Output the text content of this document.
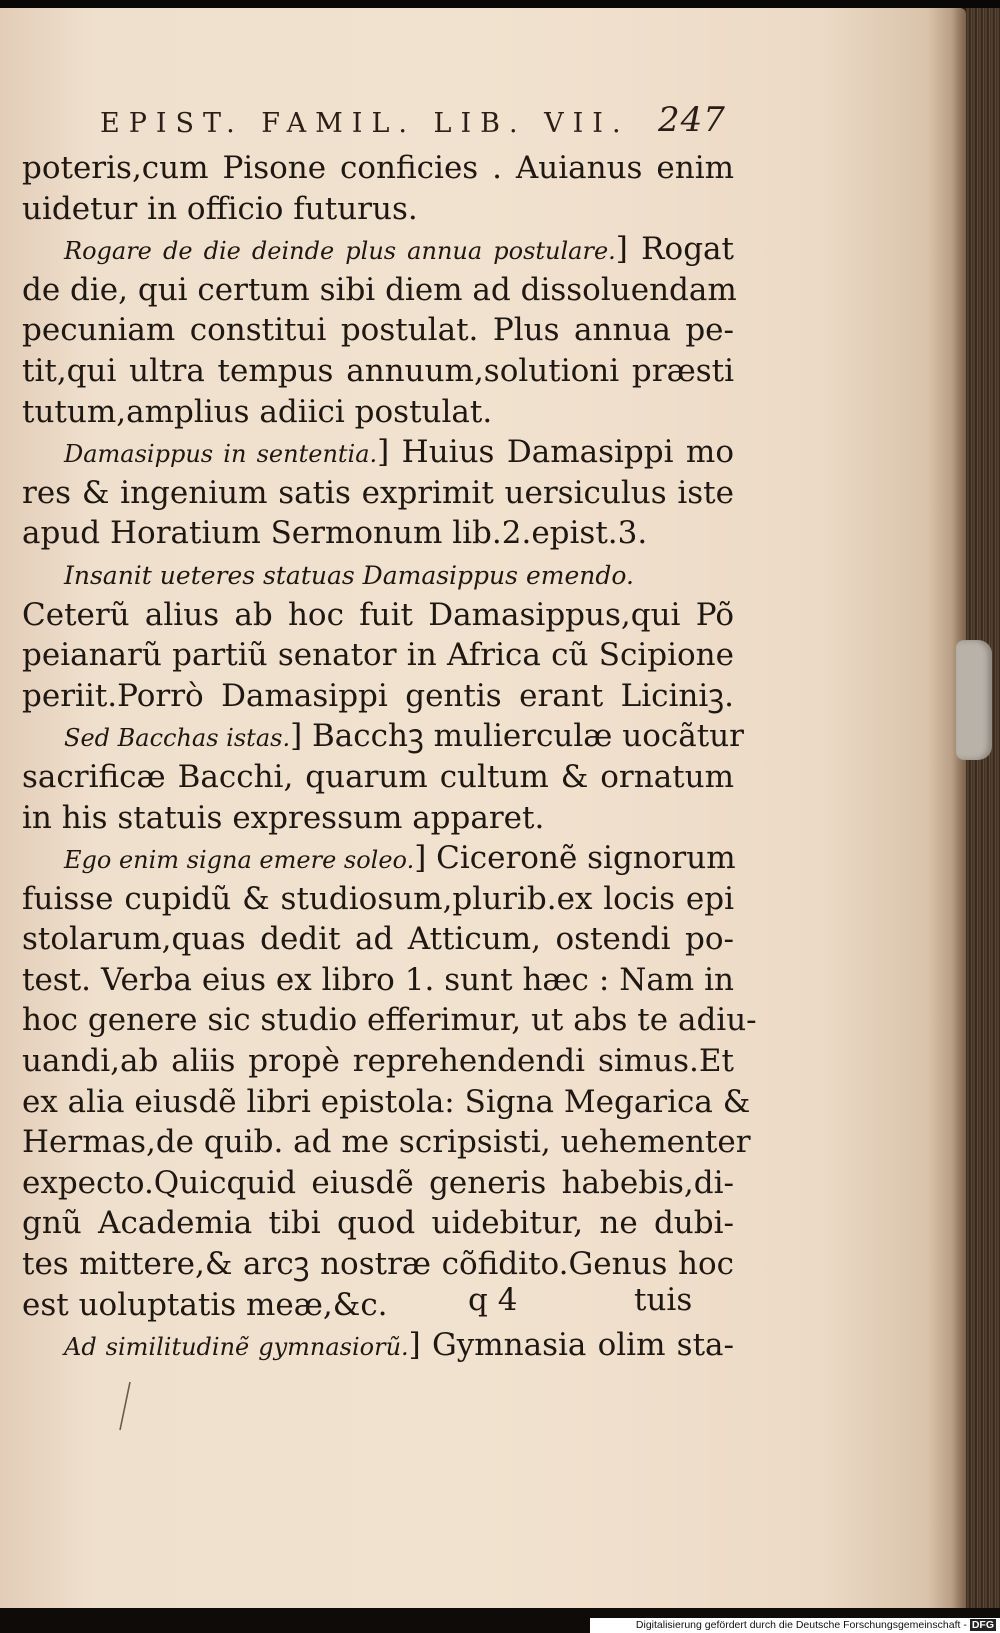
EPIST. FAMIL. LIB. VII. 247
poteris,cum Pisone conficies . Auianus enim
uidetur in officio futurus.
Rogare de die deinde plus annua postulare.] Rogat
de die, qui certum sibi diem ad dissoluendam
pecuniam constitui postulat. Plus annua pe-
tit,qui ultra tempus annuum,solutioni præsti
tutum,amplius adiici postulat.
Damasippus in sententia.] Huius Damasippi mo
res & ingenium satis exprimit uersiculus iste
apud Horatium Sermonum lib.2.epist.3.
Insanit ueteres statuas Damasippus emendo.
Ceterũ alius ab hoc fuit Damasippus,qui Põ
peianarũ partiũ senator in Africa cũ Scipione
periit.Porrò Damasippi gentis erant Liciniꝫ.
Sed Bacchas istas.] Bacchꝫ mulierculæ uocãtur
sacrificæ Bacchi, quarum cultum & ornatum
in his statuis expressum apparet.
Ego enim signa emere soleo.] Ciceronẽ signorum
fuisse cupidũ & studiosum,plurib.ex locis epi
stolarum,quas dedit ad Atticum, ostendi po-
test. Verba eius ex libro 1. sunt hæc : Nam in
hoc genere sic studio efferimur, ut abs te adiu-
uandi,ab aliis propè reprehendendi simus.Et
ex alia eiusdẽ libri epistola: Signa Megarica &
Hermas,de quib. ad me scripsisti, uehementer
expecto.Quicquid eiusdẽ generis habebis,di-
gnũ Academia tibi quod uidebitur, ne dubi-
tes mittere,& arcꝫ nostræ cõfidito.Genus hoc
est uoluptatis meæ,&c.
Ad similitudinẽ gymnasiorũ.] Gymnasia olim sta-
q 4	tuis
Digitalisierung gefördert durch die Deutsche Forschungsgemeinschaft - DFG
